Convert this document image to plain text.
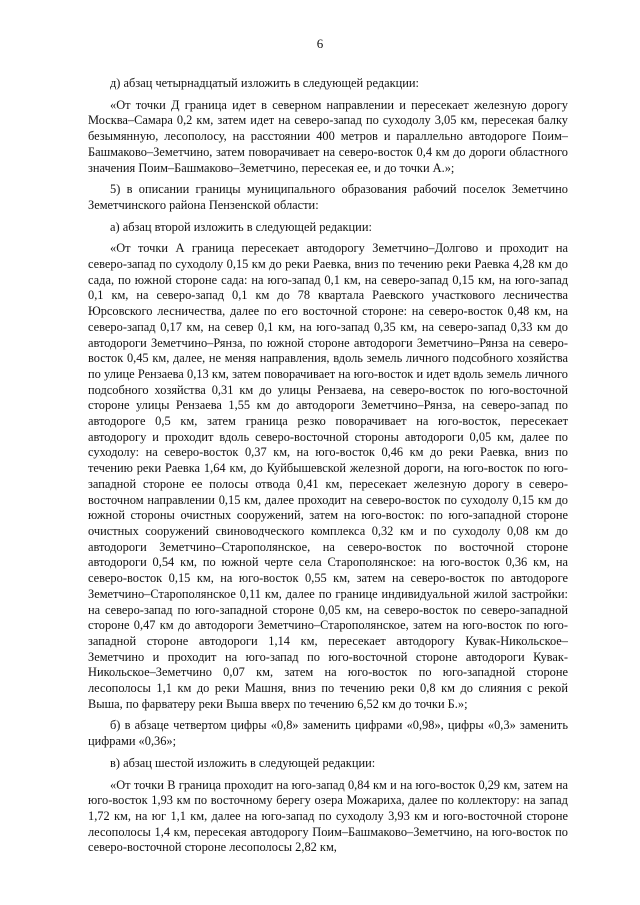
6

д) абзац четырнадцатый изложить в следующей редакции:

«От точки Д граница идет в северном направлении и пересекает железную дорогу Москва–Самара 0,2 км, затем идет на северо-запад по суходолу 3,05 км, пересекая балку безымянную, лесополосу, на расстоянии 400 метров и параллельно автодороге Поим–Башмаково–Земетчино, затем поворачивает на северо-восток 0,4 км до дороги областного значения Поим–Башмаково–Земетчино, пересекая ее, и до точки А.»;

5) в описании границы муниципального образования рабочий поселок Земетчино Земетчинского района Пензенской области:

а) абзац второй изложить в следующей редакции:

«От точки А граница пересекает автодорогу Земетчино–Долгово и проходит на северо-запад по суходолу 0,15 км до реки Раевка, вниз по течению реки Раевка 4,28 км до сада, по южной стороне сада: на юго-запад 0,1 км, на северо-запад 0,15 км, на юго-запад 0,1 км, на северо-запад 0,1 км до 78 квартала Раевского участкового лесничества Юрсовского лесничества, далее по его восточной стороне: на северо-восток 0,48 км, на северо-запад 0,17 км, на север 0,1 км, на юго-запад 0,35 км, на северо-запад 0,33 км до автодороги Земетчино–Рянза, по южной стороне автодороги Земетчино–Рянза на северо-восток 0,45 км, далее, не меняя направления, вдоль земель личного подсобного хозяйства по улице Рензаева 0,13 км, затем поворачивает на юго-восток и идет вдоль земель личного подсобного хозяйства 0,31 км до улицы Рензаева, на северо-восток по юго-восточной стороне улицы Рензаева 1,55 км до автодороги Земетчино–Рянза, на северо-запад по автодороге 0,5 км, затем граница резко поворачивает на юго-восток, пересекает автодорогу и проходит вдоль северо-восточной стороны автодороги 0,05 км, далее по суходолу: на северо-восток 0,37 км, на юго-восток 0,46 км до реки Раевка, вниз по течению реки Раевка 1,64 км, до Куйбышевской железной дороги, на юго-восток по юго-западной стороне ее полосы отвода 0,41 км, пересекает железную дорогу в северо-восточном направлении 0,15 км, далее проходит на северо-восток по суходолу 0,15 км до южной стороны очистных сооружений, затем на юго-восток: по юго-западной стороне очистных сооружений свиноводческого комплекса 0,32 км и по суходолу 0,08 км до автодороги Земетчино–Старополянское, на северо-восток по восточной стороне автодороги 0,54 км, по южной черте села Старополянское: на юго-восток 0,36 км, на северо-восток 0,15 км, на юго-восток 0,55 км, затем на северо-восток по автодороге Земетчино–Старополянское 0,11 км, далее по границе индивидуальной жилой застройки: на северо-запад по юго-западной стороне 0,05 км, на северо-восток по северо-западной стороне 0,47 км до автодороги Земетчино–Старополянское, затем на юго-восток по юго-западной стороне автодороги 1,14 км, пересекает автодорогу Кувак-Никольское–Земетчино и проходит на юго-запад по юго-восточной стороне автодороги Кувак-Никольское–Земетчино 0,07 км, затем на юго-восток по юго-западной стороне лесополосы 1,1 км до реки Машня, вниз по течению реки 0,8 км до слияния с рекой Выша, по фарватеру реки Выша вверх по течению 6,52 км до точки Б.»;

б) в абзаце четвертом цифры «0,8» заменить цифрами «0,98», цифры «0,3» заменить цифрами «0,36»;

в) абзац шестой изложить в следующей редакции:

«От точки В граница проходит на юго-запад 0,84 км и на юго-восток 0,29 км, затем на юго-восток 1,93 км по восточному берегу озера Можариха, далее по коллектору: на запад 1,72 км, на юг 1,1 км, далее на юго-запад по суходолу 3,93 км и юго-восточной стороне лесополосы 1,4 км, пересекая автодорогу Поим–Башмаково–Земетчино, на юго-восток по северо-восточной стороне лесополосы 2,82 км,
